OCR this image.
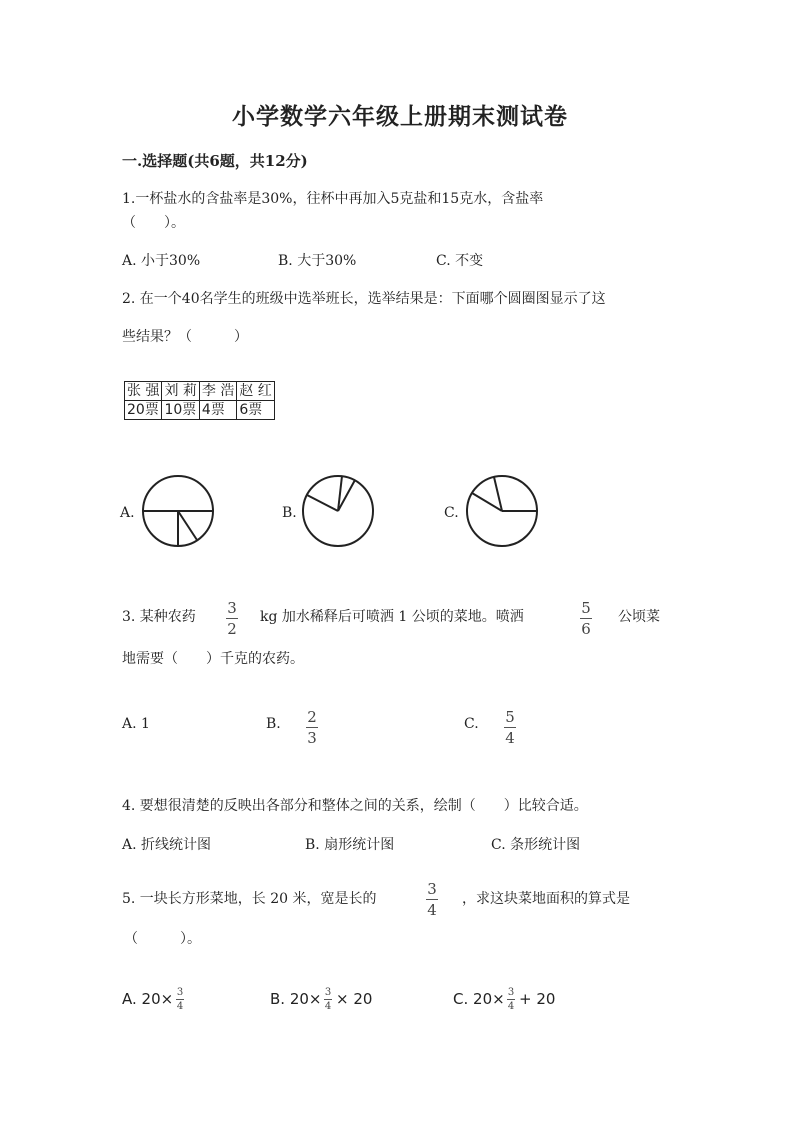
小学数学六年级上册期末测试卷
一.选择题(共6题，共12分)
1.一杯盐水的含盐率是30%，往杯中再加入5克盐和15克水，含盐率
（　　）。
A. 小于30%	B. 大于30%	C. 不变
2. 在一个40名学生的班级中选举班长，选举结果是：下面哪个圆圈图显示了这
些结果？（　　　）
张 强	刘 莉	李 浩	赵 红
20票	10票	4票	6票
A.	B.	C.
3. 某种农药 3
2
kg 加水稀释后可喷洒 1 公顷的菜地。喷洒	5
6
公顷菜
地需要（　　）千克的农药。
A. 1	B. 2
3
C. 5
4
4. 要想很清楚的反映出各部分和整体之间的关系，绘制（　　）比较合适。
A. 折线统计图	B. 扇形统计图	C. 条形统计图
5. 一块长方形菜地，长 20 米，宽是长的
3
4
，求这块菜地面积的算式是
（　　　）。
A. 20× 3
4	B. 20× 3
4 × 20	C. 20× 3
4 + 20
